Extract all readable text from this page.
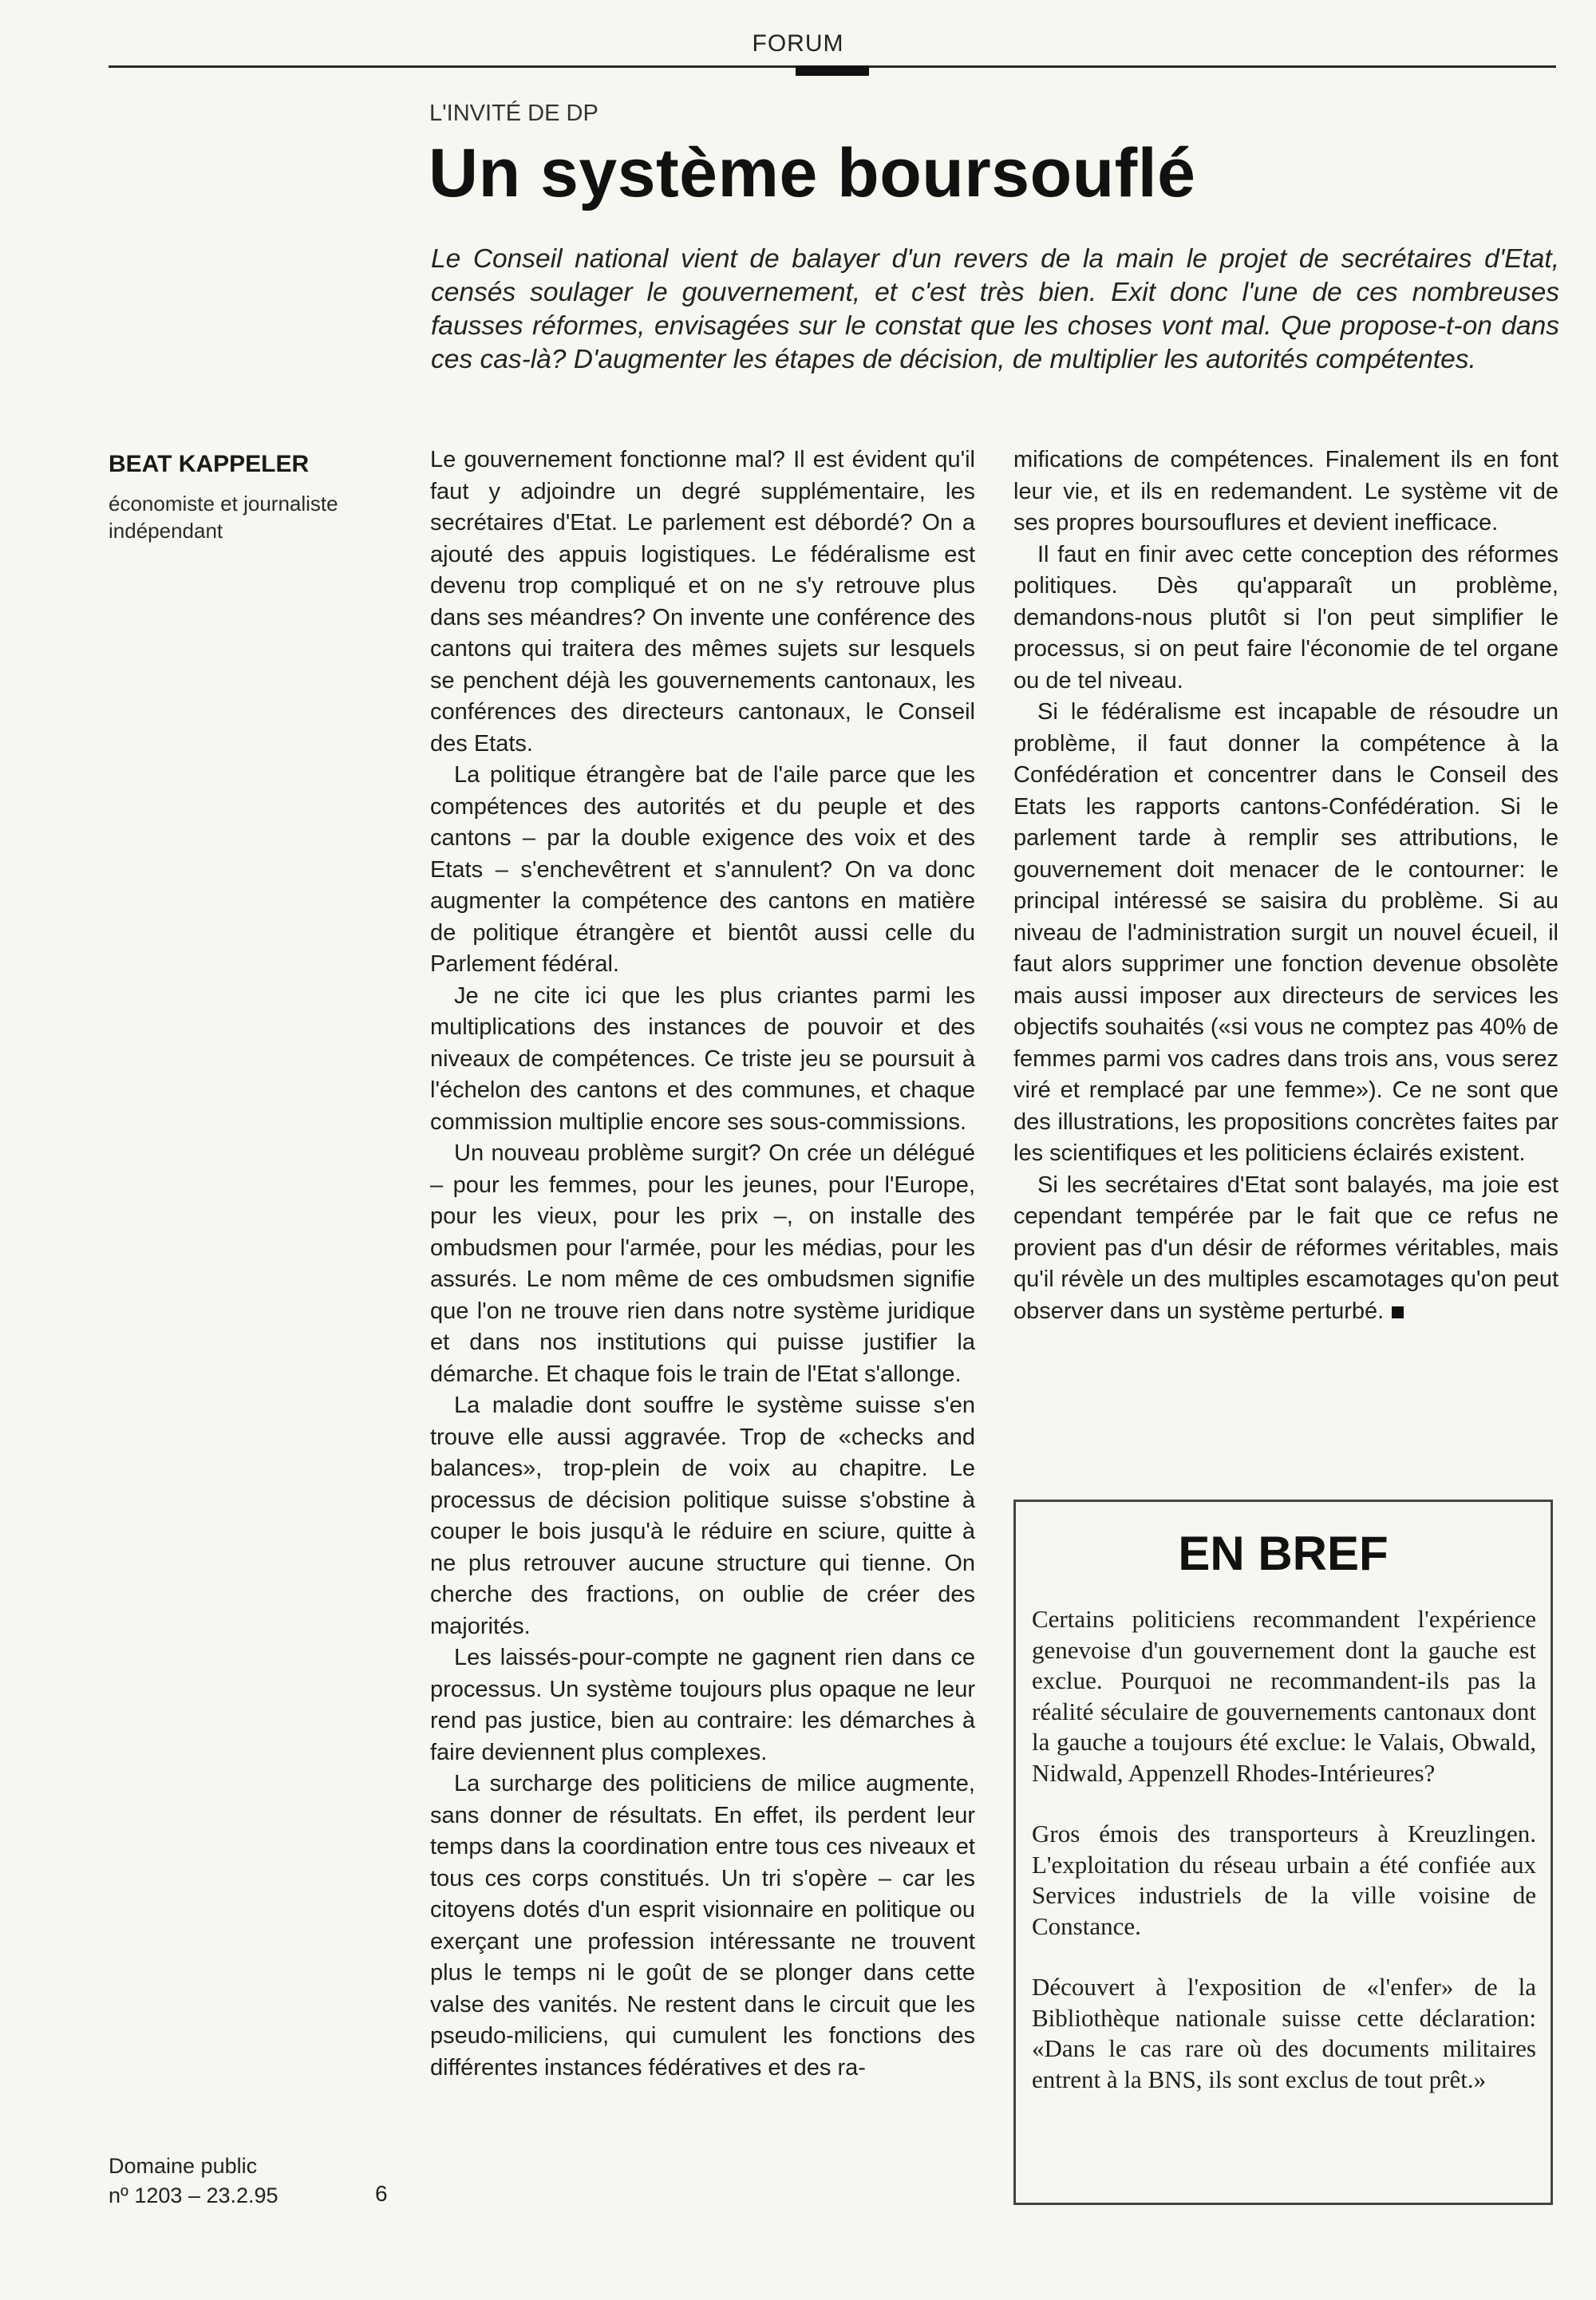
FORUM
L'INVITÉ DE DP
Un système boursouflé

Le Conseil national vient de balayer d'un revers de la main le projet de secrétaires d'Etat, censés soulager le gouvernement, et c'est très bien. Exit donc l'une de ces nombreuses fausses réformes, envisagées sur le constat que les choses vont mal. Que propose-t-on dans ces cas-là? D'augmenter les étapes de décision, de multiplier les autorités compétentes.

BEAT KAPPELER
économiste et journaliste indépendant

Le gouvernement fonctionne mal? Il est évident qu'il faut y adjoindre un degré supplémentaire, les secrétaires d'Etat. Le parlement est débordé? On a ajouté des appuis logistiques. Le fédéralisme est devenu trop compliqué et on ne s'y retrouve plus dans ses méandres? On invente une conférence des cantons qui traitera des mêmes sujets sur lesquels se penchent déjà les gouvernements cantonaux, les conférences des directeurs cantonaux, le Conseil des Etats.

La politique étrangère bat de l'aile parce que les compétences des autorités et du peuple et des cantons – par la double exigence des voix et des Etats – s'enchevêtrent et s'annulent? On va donc augmenter la compétence des cantons en matière de politique étrangère et bientôt aussi celle du Parlement fédéral.

Je ne cite ici que les plus criantes parmi les multiplications des instances de pouvoir et des niveaux de compétences. Ce triste jeu se poursuit à l'échelon des cantons et des communes, et chaque commission multiplie encore ses sous-commissions.

Un nouveau problème surgit? On crée un délégué – pour les femmes, pour les jeunes, pour l'Europe, pour les vieux, pour les prix –, on installe des ombudsmen pour l'armée, pour les médias, pour les assurés. Le nom même de ces ombudsmen signifie que l'on ne trouve rien dans notre système juridique et dans nos institutions qui puisse justifier la démarche. Et chaque fois le train de l'Etat s'allonge.

La maladie dont souffre le système suisse s'en trouve elle aussi aggravée. Trop de «checks and balances», trop-plein de voix au chapitre. Le processus de décision politique suisse s'obstine à couper le bois jusqu'à le réduire en sciure, quitte à ne plus retrouver aucune structure qui tienne. On cherche des fractions, on oublie de créer des majorités.

Les laissés-pour-compte ne gagnent rien dans ce processus. Un système toujours plus opaque ne leur rend pas justice, bien au contraire: les démarches à faire deviennent plus complexes.

La surcharge des politiciens de milice augmente, sans donner de résultats. En effet, ils perdent leur temps dans la coordination entre tous ces niveaux et tous ces corps constitués. Un tri s'opère – car les citoyens dotés d'un esprit visionnaire en politique ou exerçant une profession intéressante ne trouvent plus le temps ni le goût de se plonger dans cette valse des vanités. Ne restent dans le circuit que les pseudo-miliciens, qui cumulent les fonctions des différentes instances fédératives et des ra-

mifications de compétences. Finalement ils en font leur vie, et ils en redemandent. Le système vit de ses propres boursouflures et devient inefficace.

Il faut en finir avec cette conception des réformes politiques. Dès qu'apparaît un problème, demandons-nous plutôt si l'on peut simplifier le processus, si on peut faire l'économie de tel organe ou de tel niveau.

Si le fédéralisme est incapable de résoudre un problème, il faut donner la compétence à la Confédération et concentrer dans le Conseil des Etats les rapports cantons-Confédération. Si le parlement tarde à remplir ses attributions, le gouvernement doit menacer de le contourner: le principal intéressé se saisira du problème. Si au niveau de l'administration surgit un nouvel écueil, il faut alors supprimer une fonction devenue obsolète mais aussi imposer aux directeurs de services les objectifs souhaités («si vous ne comptez pas 40% de femmes parmi vos cadres dans trois ans, vous serez viré et remplacé par une femme»). Ce ne sont que des illustrations, les propositions concrètes faites par les scientifiques et les politiciens éclairés existent.

Si les secrétaires d'Etat sont balayés, ma joie est cependant tempérée par le fait que ce refus ne provient pas d'un désir de réformes véritables, mais qu'il révèle un des multiples escamotages qu'on peut observer dans un système perturbé.

EN BREF

Certains politiciens recommandent l'expérience genevoise d'un gouvernement dont la gauche est exclue. Pourquoi ne recommandent-ils pas la réalité séculaire de gouvernements cantonaux dont la gauche a toujours été exclue: le Valais, Obwald, Nidwald, Appenzell Rhodes-Intérieures?

Gros émois des transporteurs à Kreuzlingen. L'exploitation du réseau urbain a été confiée aux Services industriels de la ville voisine de Constance.

Découvert à l'exposition de «l'enfer» de la Bibliothèque nationale suisse cette déclaration: «Dans le cas rare où des documents militaires entrent à la BNS, ils sont exclus de tout prêt.»

Domaine public
nº 1203 – 23.2.95	6
